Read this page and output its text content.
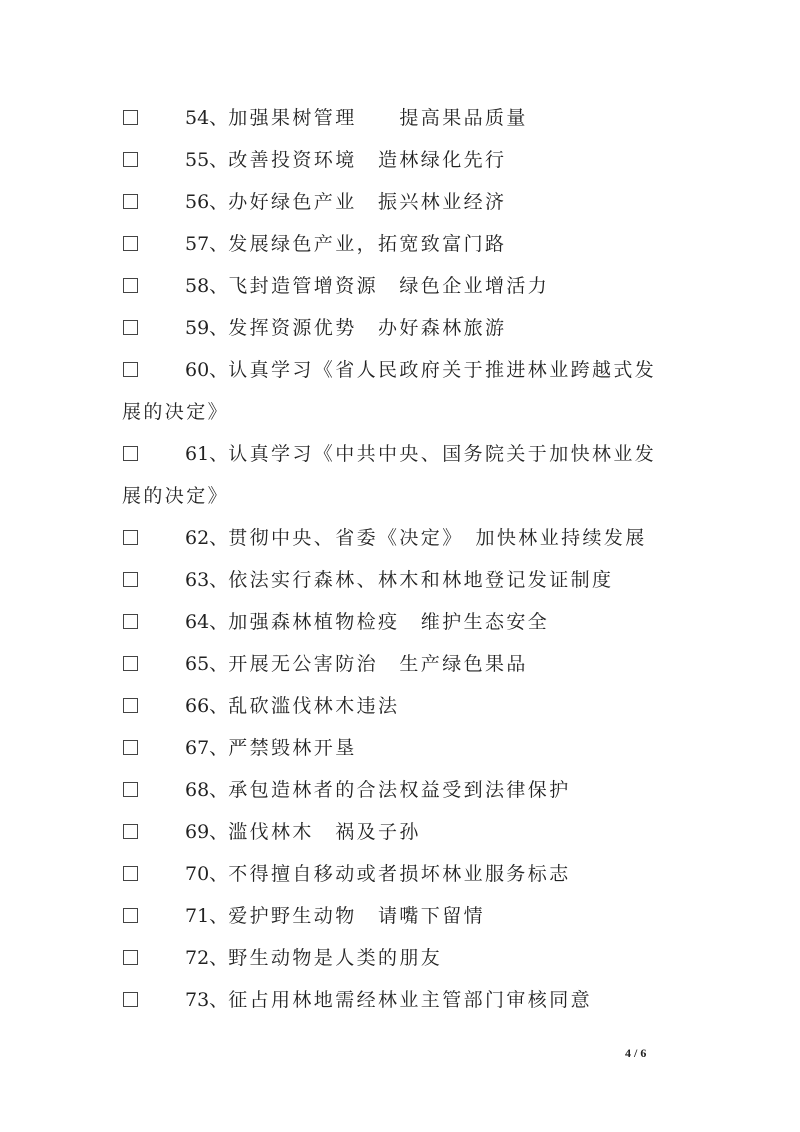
54、加强果树管理　　提高果品质量
55、改善投资环境　造林绿化先行
56、办好绿色产业　振兴林业经济
57、发展绿色产业，拓宽致富门路
58、飞封造管增资源　绿色企业增活力
59、发挥资源优势　办好森林旅游
60、认真学习《省人民政府关于推进林业跨越式发
展的决定》
61、认真学习《中共中央、国务院关于加快林业发
展的决定》
62、贯彻中央、省委《决定》　加快林业持续发展
63、依法实行森林、林木和林地登记发证制度
64、加强森林植物检疫　维护生态安全
65、开展无公害防治　生产绿色果品
66、乱砍滥伐林木违法
67、严禁毁林开垦
68、承包造林者的合法权益受到法律保护
69、滥伐林木　祸及子孙
70、不得擅自移动或者损坏林业服务标志
71、爱护野生动物　请嘴下留情
72、野生动物是人类的朋友
73、征占用林地需经林业主管部门审核同意
4 / 6
